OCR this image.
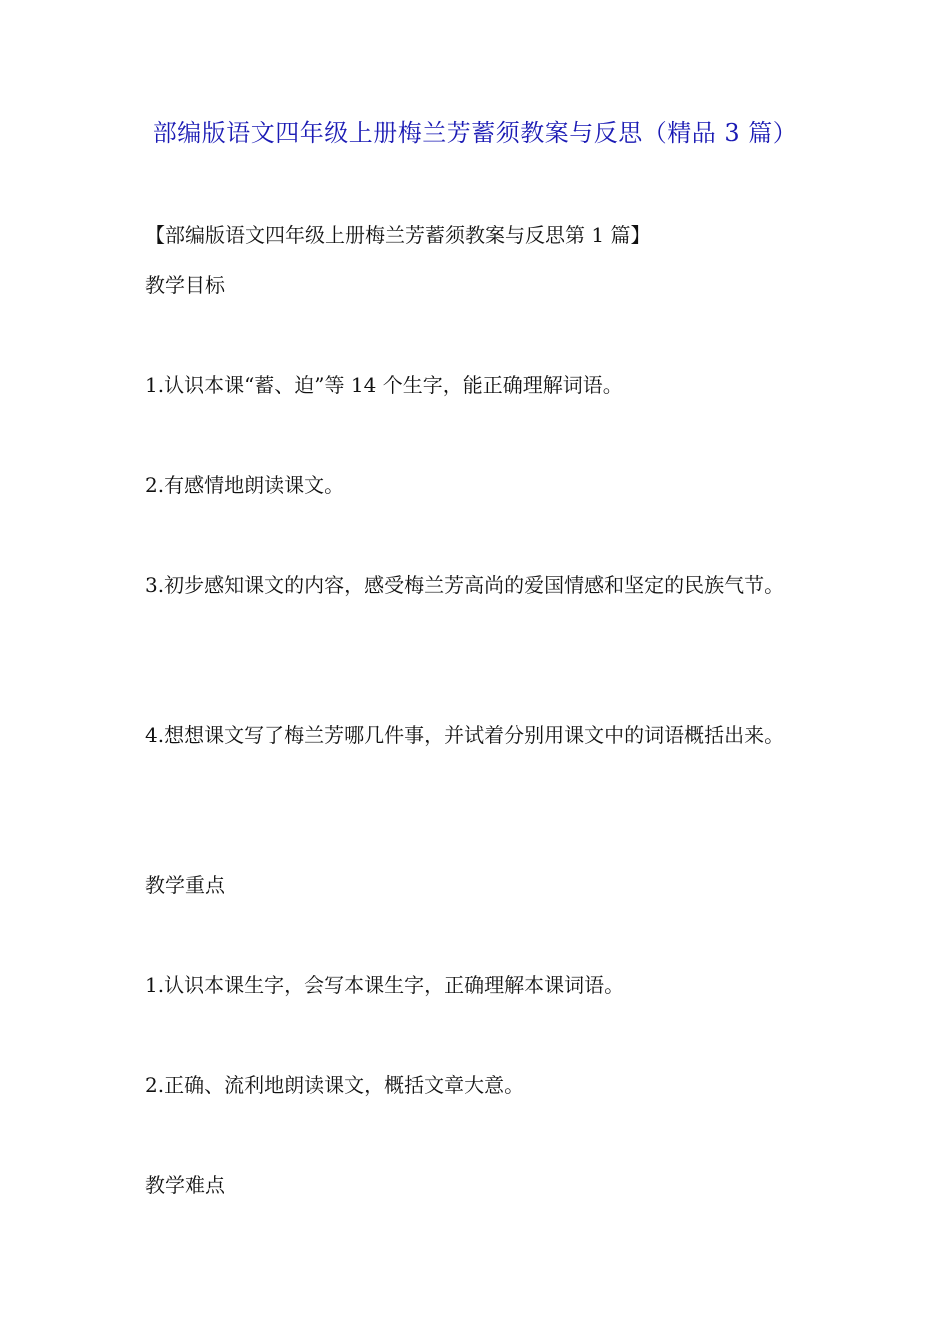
部编版语文四年级上册梅兰芳蓄须教案与反思（精品 3 篇）
【部编版语文四年级上册梅兰芳蓄须教案与反思第 1 篇】
教学目标
1.认识本课“蓄、迫”等 14 个生字，能正确理解词语。
2.有感情地朗读课文。
3.初步感知课文的内容，感受梅兰芳高尚的爱国情感和坚定的民族气节。
4.想想课文写了梅兰芳哪几件事，并试着分别用课文中的词语概括出来。
教学重点
1.认识本课生字，会写本课生字，正确理解本课词语。
2.正确、流利地朗读课文，概括文章大意。
教学难点
